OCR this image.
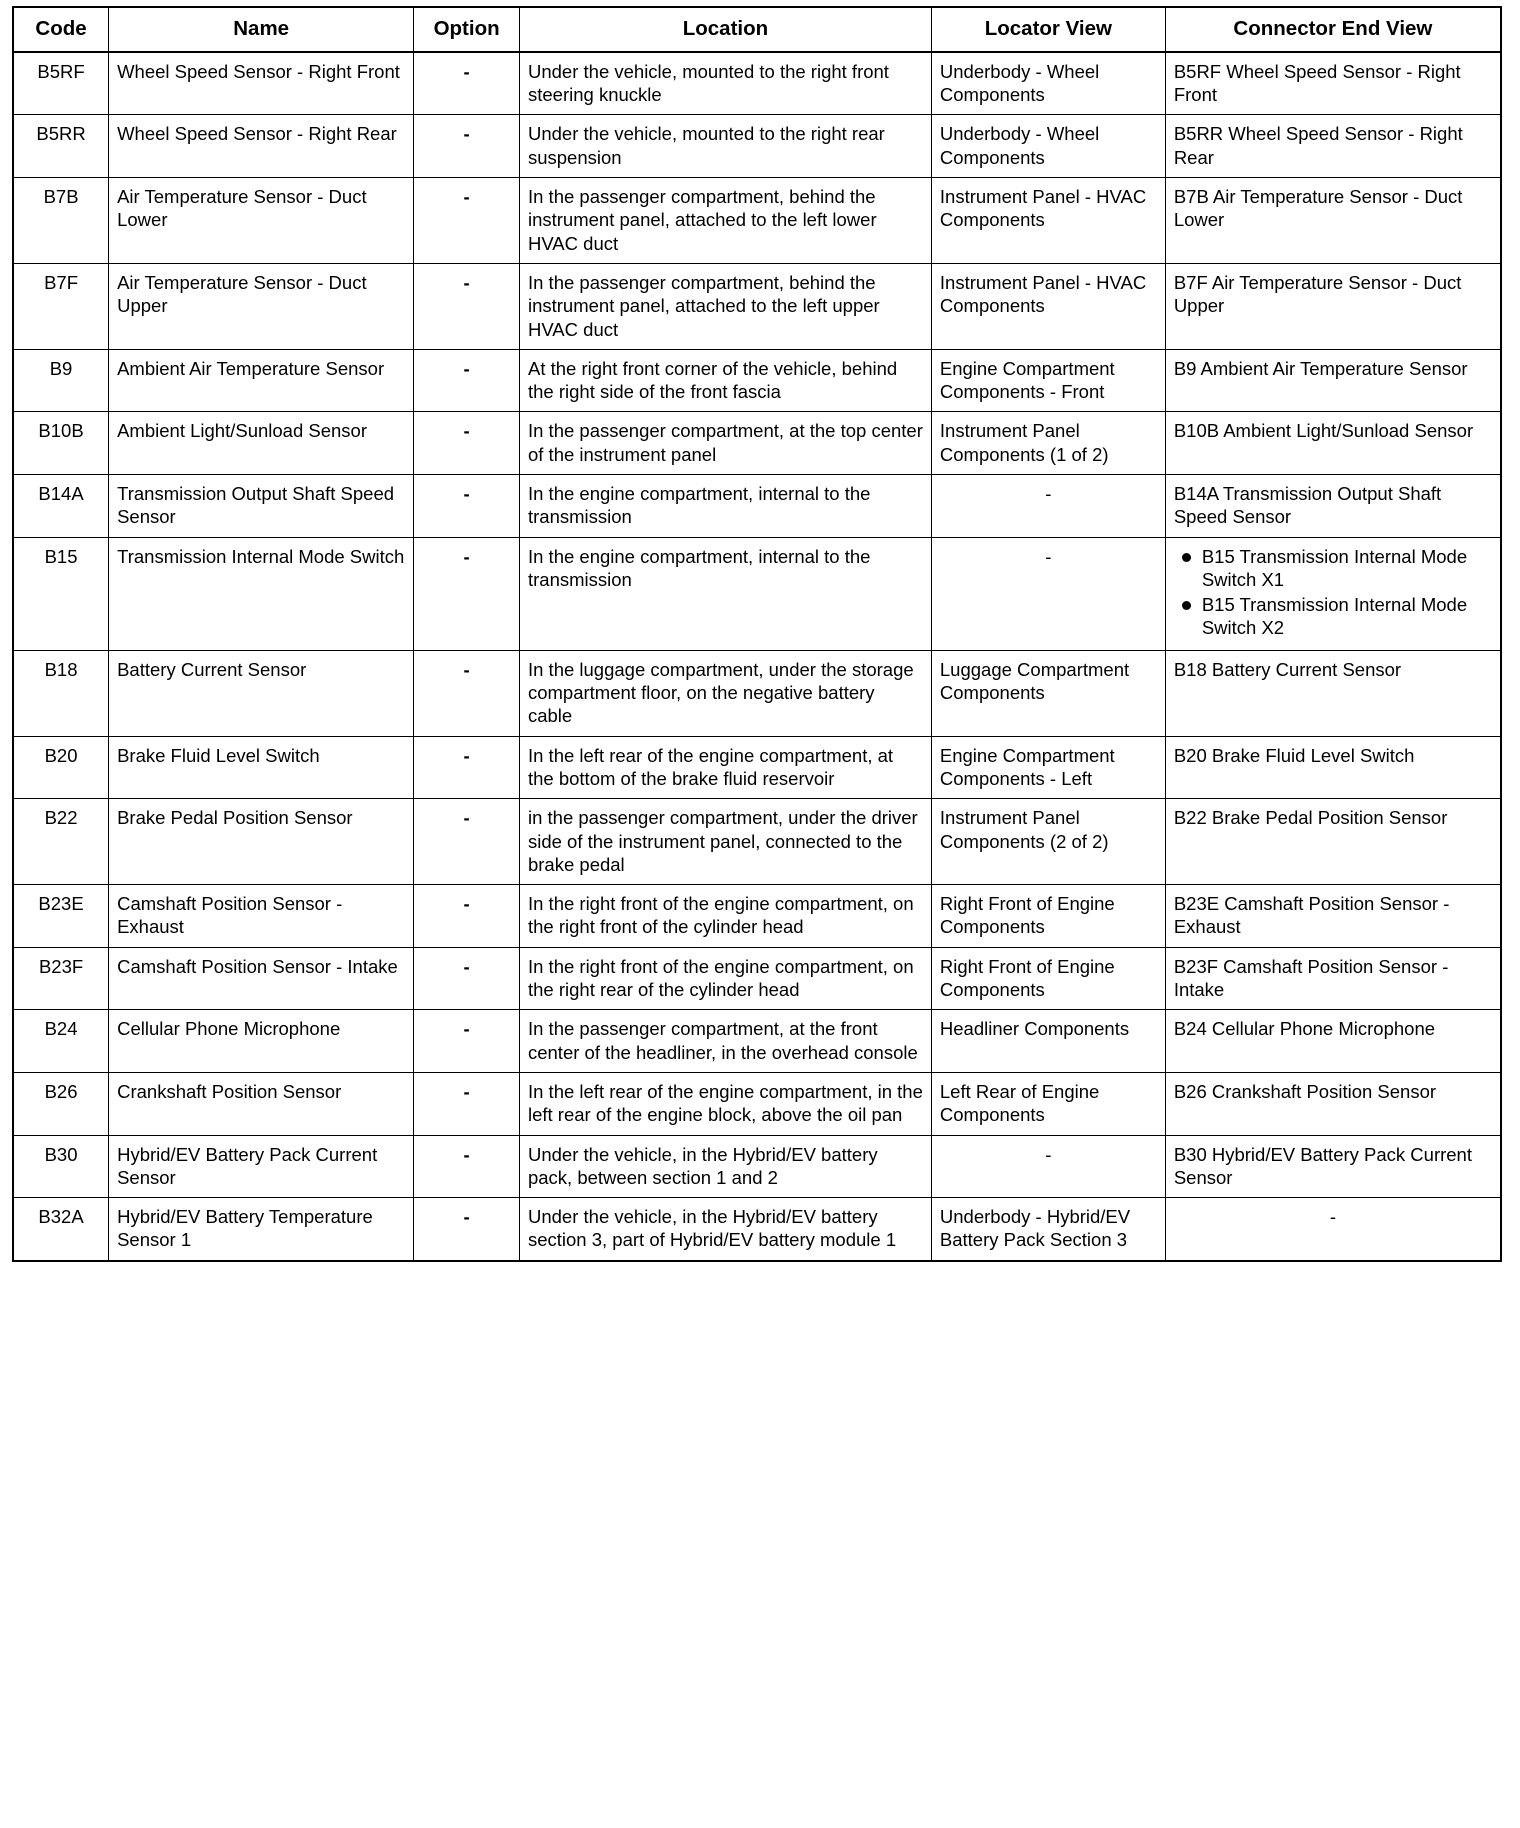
Code	Name	Option	Location	Locator View	Connector End View
B5RF	Wheel Speed Sensor - Right Front	-	Under the vehicle, mounted to the right front steering knuckle	Underbody - Wheel Components	B5RF Wheel Speed Sensor - Right Front
B5RR	Wheel Speed Sensor - Right Rear	-	Under the vehicle, mounted to the right rear suspension	Underbody - Wheel Components	B5RR Wheel Speed Sensor - Right Rear
B7B	Air Temperature Sensor - Duct Lower	-	In the passenger compartment, behind the instrument panel, attached to the left lower HVAC duct	Instrument Panel - HVAC Components	B7B Air Temperature Sensor - Duct Lower
B7F	Air Temperature Sensor - Duct Upper	-	In the passenger compartment, behind the instrument panel, attached to the left upper HVAC duct	Instrument Panel - HVAC Components	B7F Air Temperature Sensor - Duct Upper
B9	Ambient Air Temperature Sensor	-	At the right front corner of the vehicle, behind the right side of the front fascia	Engine Compartment Components - Front	B9 Ambient Air Temperature Sensor
B10B	Ambient Light/Sunload Sensor	-	In the passenger compartment, at the top center of the instrument panel	Instrument Panel Components (1 of 2)	B10B Ambient Light/Sunload Sensor
B14A	Transmission Output Shaft Speed Sensor	-	In the engine compartment, internal to the transmission	-	B14A Transmission Output Shaft Speed Sensor
B15	Transmission Internal Mode Switch	-	In the engine compartment, internal to the transmission	-	B15 Transmission Internal Mode Switch X1
B15 Transmission Internal Mode Switch X2

B18	Battery Current Sensor	-	In the luggage compartment, under the storage compartment floor, on the negative battery cable	Luggage Compartment Components	B18 Battery Current Sensor
B20	Brake Fluid Level Switch	-	In the left rear of the engine compartment, at the bottom of the brake fluid reservoir	Engine Compartment Components - Left	B20 Brake Fluid Level Switch
B22	Brake Pedal Position Sensor	-	in the passenger compartment, under the driver side of the instrument panel, connected to the brake pedal	Instrument Panel Components (2 of 2)	B22 Brake Pedal Position Sensor
B23E	Camshaft Position Sensor - Exhaust	-	In the right front of the engine compartment, on the right front of the cylinder head	Right Front of Engine Components	B23E Camshaft Position Sensor - Exhaust
B23F	Camshaft Position Sensor - Intake	-	In the right front of the engine compartment, on the right rear of the cylinder head	Right Front of Engine Components	B23F Camshaft Position Sensor - Intake
B24	Cellular Phone Microphone	-	In the passenger compartment, at the front center of the headliner, in the overhead console	Headliner Components	B24 Cellular Phone Microphone
B26	Crankshaft Position Sensor	-	In the left rear of the engine compartment, in the left rear of the engine block, above the oil pan	Left Rear of Engine Components	B26 Crankshaft Position Sensor
B30	Hybrid/EV Battery Pack Current Sensor	-	Under the vehicle, in the Hybrid/EV battery pack, between section 1 and 2	-	B30 Hybrid/EV Battery Pack Current Sensor
B32A	Hybrid/EV Battery Temperature Sensor 1	-	Under the vehicle, in the Hybrid/EV battery section 3, part of Hybrid/EV battery module 1	Underbody - Hybrid/EV Battery Pack Section 3	-
